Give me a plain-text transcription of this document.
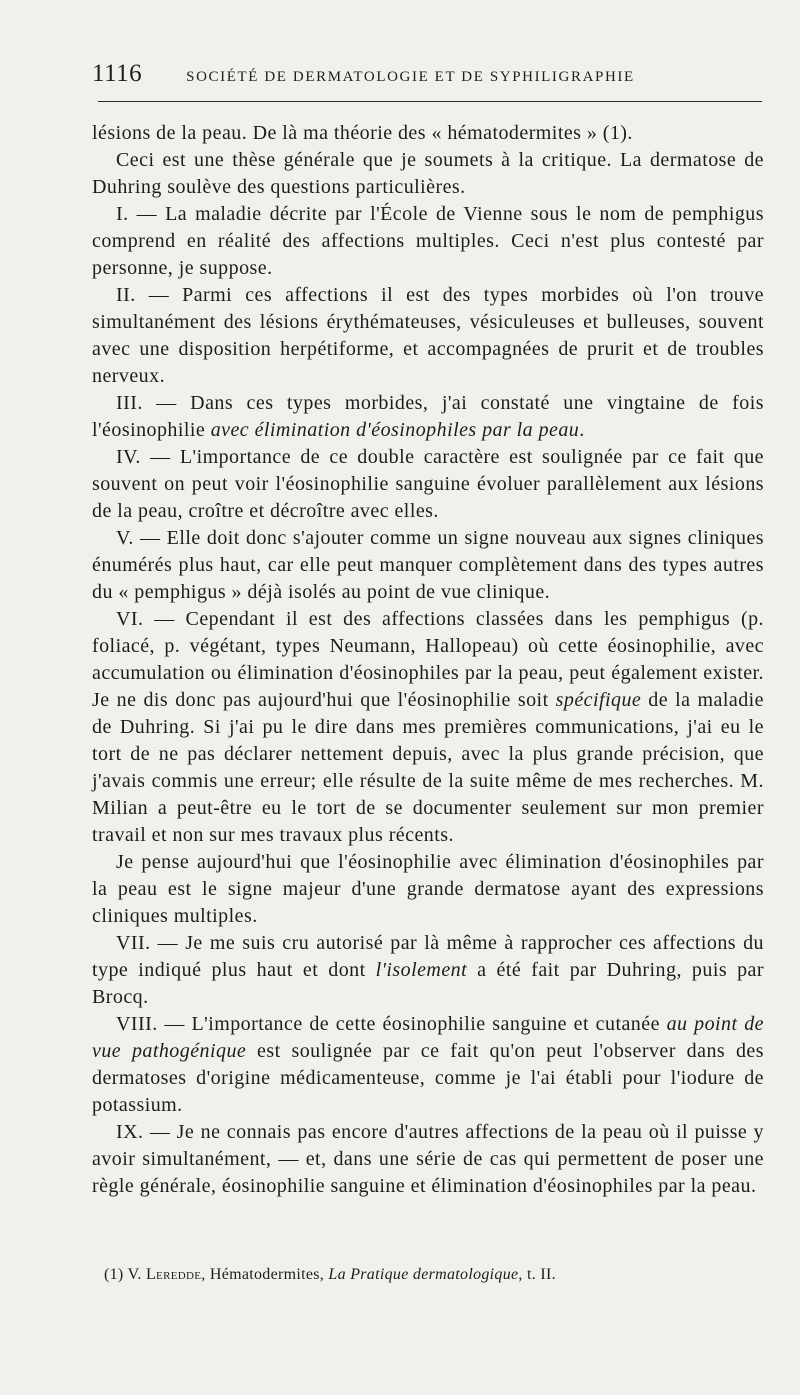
1116	SOCIÉTÉ DE DERMATOLOGIE ET DE SYPHILIGRAPHIE

lésions de la peau. De là ma théorie des « hématodermites » (1).

Ceci est une thèse générale que je soumets à la critique. La dermatose de Duhring soulève des questions particulières.

I. — La maladie décrite par l'École de Vienne sous le nom de pemphigus comprend en réalité des affections multiples. Ceci n'est plus contesté par personne, je suppose.

II. — Parmi ces affections il est des types morbides où l'on trouve simultanément des lésions érythémateuses, vésiculeuses et bulleuses, souvent avec une disposition herpétiforme, et accompagnées de prurit et de troubles nerveux.

III. — Dans ces types morbides, j'ai constaté une vingtaine de fois l'éosinophilie avec élimination d'éosinophiles par la peau.

IV. — L'importance de ce double caractère est soulignée par ce fait que souvent on peut voir l'éosinophilie sanguine évoluer parallèlement aux lésions de la peau, croître et décroître avec elles.

V. — Elle doit donc s'ajouter comme un signe nouveau aux signes cliniques énumérés plus haut, car elle peut manquer complètement dans des types autres du « pemphigus » déjà isolés au point de vue clinique.

VI. — Cependant il est des affections classées dans les pemphigus (p. foliacé, p. végétant, types Neumann, Hallopeau) où cette éosinophilie, avec accumulation ou élimination d'éosinophiles par la peau, peut également exister. Je ne dis donc pas aujourd'hui que l'éosinophilie soit spécifique de la maladie de Duhring. Si j'ai pu le dire dans mes premières communications, j'ai eu le tort de ne pas déclarer nettement depuis, avec la plus grande précision, que j'avais commis une erreur; elle résulte de la suite même de mes recherches. M. Milian a peut-être eu le tort de se documenter seulement sur mon premier travail et non sur mes travaux plus récents.

Je pense aujourd'hui que l'éosinophilie avec élimination d'éosinophiles par la peau est le signe majeur d'une grande dermatose ayant des expressions cliniques multiples.

VII. — Je me suis cru autorisé par là même à rapprocher ces affections du type indiqué plus haut et dont l'isolement a été fait par Duhring, puis par Brocq.

VIII. — L'importance de cette éosinophilie sanguine et cutanée au point de vue pathogénique est soulignée par ce fait qu'on peut l'observer dans des dermatoses d'origine médicamenteuse, comme je l'ai établi pour l'iodure de potassium.

IX. — Je ne connais pas encore d'autres affections de la peau où il puisse y avoir simultanément, — et, dans une série de cas qui permettent de poser une règle générale, éosinophilie sanguine et élimination d'éosinophiles par la peau.

(1) V. Leredde, Hématodermites, La Pratique dermatologique, t. II.
